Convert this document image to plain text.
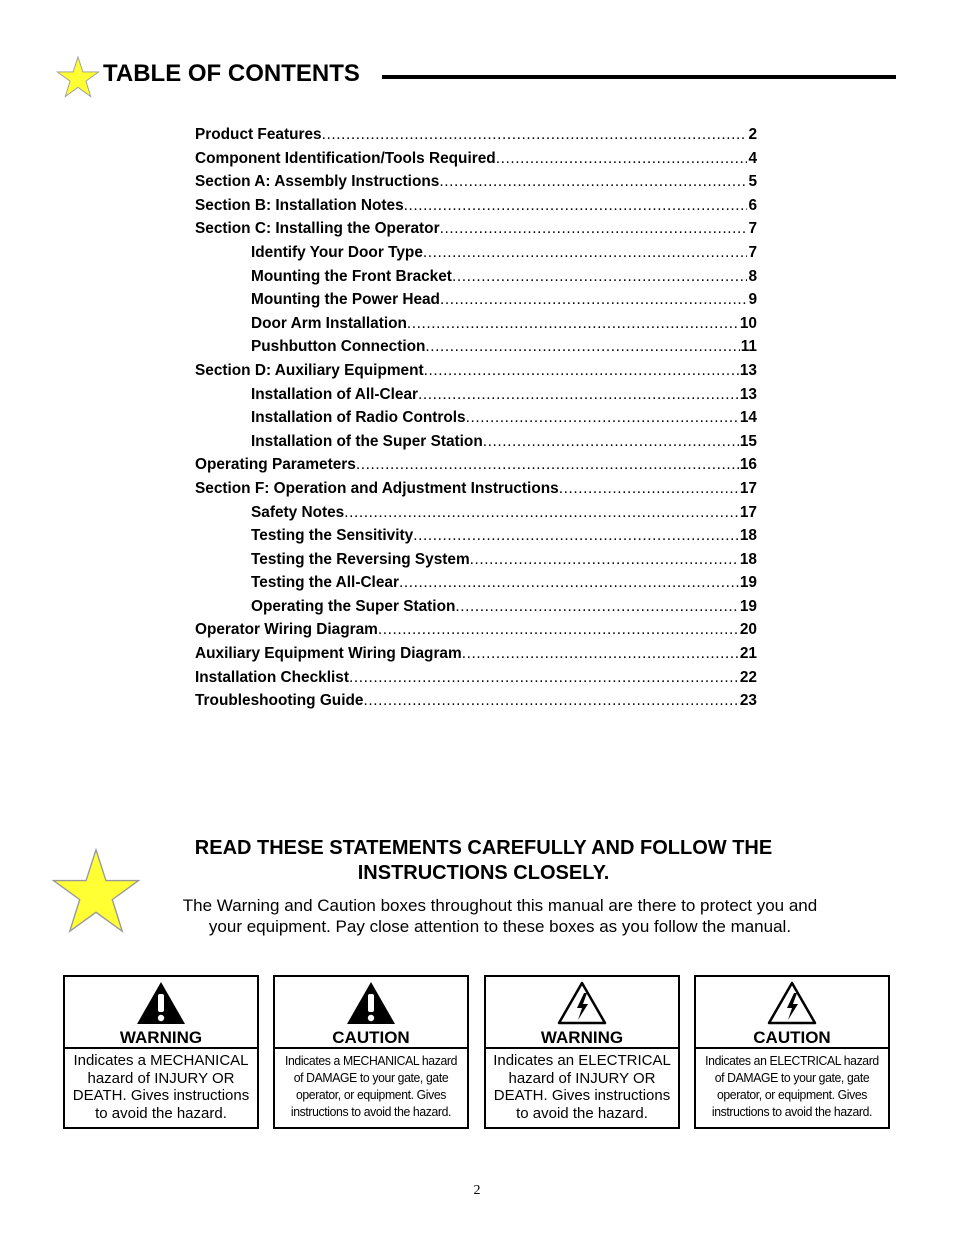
TABLE OF CONTENTS
Product Features .....	2
Component Identification/Tools Required .....	4
Section A: Assembly Instructions .....	5
Section B: Installation Notes .....	6
Section C: Installing the Operator .....	7
Identify Your Door Type .....	7
Mounting the Front Bracket .....	8
Mounting the Power Head .....	9
Door Arm Installation .....	10
Pushbutton Connection .....	11
Section D: Auxiliary Equipment .....	13
Installation of All-Clear .....	13
Installation of Radio Controls .....	14
Installation of the Super Station .....	15
Operating Parameters .....	16
Section F: Operation and Adjustment Instructions .....	17
Safety Notes .....	17
Testing the Sensitivity .....	18
Testing the Reversing System .....	18
Testing the All-Clear .....	19
Operating the Super Station .....	19
Operator Wiring Diagram .....	20
Auxiliary Equipment Wiring Diagram .....	21
Installation Checklist .....	22
Troubleshooting Guide .....	23
READ THESE STATEMENTS CAREFULLY AND FOLLOW THE
INSTRUCTIONS CLOSELY.
The Warning and Caution boxes throughout this manual are there to protect you and
your equipment. Pay close attention to these boxes as you follow the manual.
WARNING
Indicates a MECHANICAL
hazard of INJURY OR
DEATH. Gives instructions
to avoid the hazard.
CAUTION
Indicates a MECHANICAL hazard
of DAMAGE to your gate, gate
operator, or equipment. Gives
instructions to avoid the hazard.
WARNING
Indicates an ELECTRICAL
hazard of INJURY OR
DEATH. Gives instructions
to avoid the hazard.
CAUTION
Indicates an ELECTRICAL hazard
of DAMAGE to your gate, gate
operator, or equipment. Gives
instructions to avoid the hazard.
2
